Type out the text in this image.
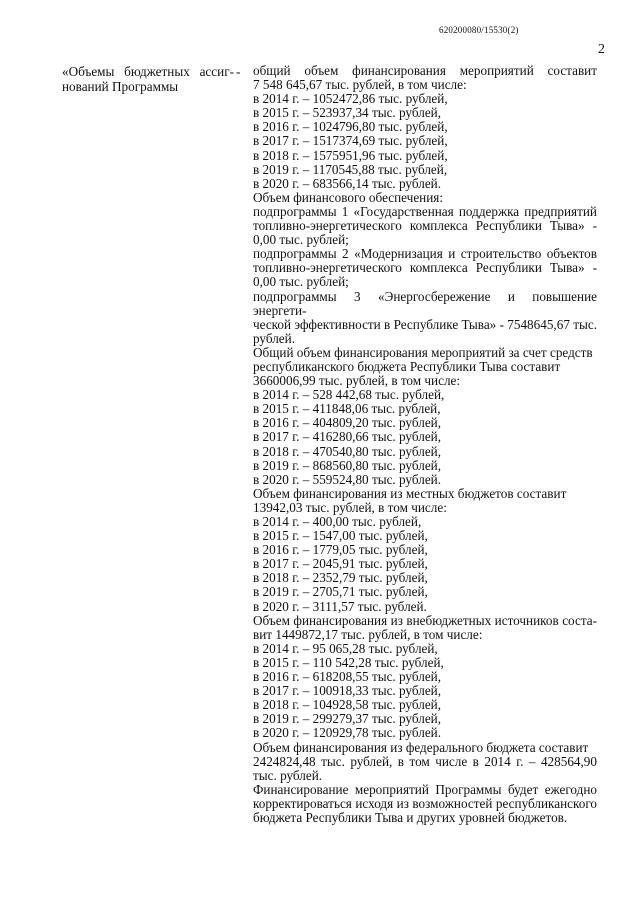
620200080/15530(2)
2
«Объемы бюджетных ассиг-нований Программы
- общий объем финансирования мероприятий составит

7 548 645,67 тыс. рублей, в том числе:

в 2014 г. – 1052472,86 тыс. рублей,

в 2015 г. – 523937,34 тыс. рублей,

в 2016 г. – 1024796,80 тыс. рублей,

в 2017 г. – 1517374,69 тыс. рублей,

в 2018 г. – 1575951,96 тыс. рублей,

в 2019 г. – 1170545,88 тыс. рублей,

в 2020 г. – 683566,14 тыс. рублей.

Объем финансового обеспечения:

подпрограммы 1 «Государственная поддержка предприятий

топливно-энергетического комплекса Республики Тыва» -

0,00 тыс. рублей;

подпрограммы 2 «Модернизация и строительство объектов

топливно-энергетического комплекса Республики Тыва» -

0,00 тыс. рублей;

подпрограммы 3 «Энергосбережение и повышение энергети-

ческой эффективности в Республике Тыва» - 7548645,67 тыс.

рублей.

Общий объем финансирования мероприятий за счет средств

республиканского бюджета Республики Тыва составит

3660006,99 тыс. рублей, в том числе:

в 2014 г. – 528 442,68 тыс. рублей,

в 2015 г. – 411848,06 тыс. рублей,

в 2016 г. – 404809,20 тыс. рублей,

в 2017 г. – 416280,66 тыс. рублей,

в 2018 г. – 470540,80 тыс. рублей,

в 2019 г. – 868560,80 тыс. рублей,

в 2020 г. – 559524,80 тыс. рублей.

Объем финансирования из местных бюджетов составит

13942,03 тыс. рублей, в том числе:

в 2014 г. – 400,00 тыс. рублей,

в 2015 г. – 1547,00 тыс. рублей,

в 2016 г. – 1779,05 тыс. рублей,

в 2017 г. – 2045,91 тыс. рублей,

в 2018 г. – 2352,79 тыс. рублей,

в 2019 г. – 2705,71 тыс. рублей,

в 2020 г. – 3111,57 тыс. рублей.

Объем финансирования из внебюджетных источников соста-

вит 1449872,17 тыс. рублей, в том числе:

в 2014 г. – 95 065,28 тыс. рублей,

в 2015 г. – 110 542,28 тыс. рублей,

в 2016 г. – 618208,55 тыс. рублей,

в 2017 г. – 100918,33 тыс. рублей,

в 2018 г. – 104928,58 тыс. рублей,

в 2019 г. – 299279,37 тыс. рублей,

в 2020 г. – 120929,78 тыс. рублей.

Объем финансирования из федерального бюджета составит

2424824,48 тыс. рублей, в том числе в 2014 г. – 428564,90

тыс. рублей.

Финансирование мероприятий Программы будет ежегодно

корректироваться исходя из возможностей республиканского

бюджета Республики Тыва и других уровней бюджетов.
